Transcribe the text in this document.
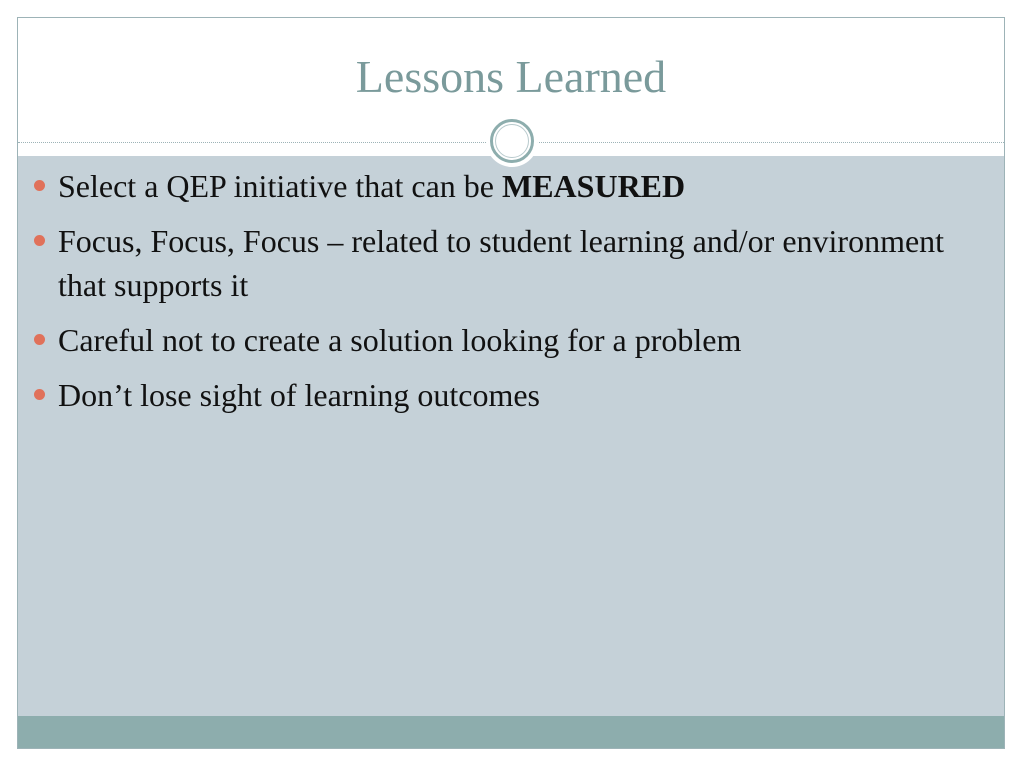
Lessons Learned
Select a QEP initiative that can be MEASURED
Focus, Focus, Focus – related to student learning and/or environment that supports it
Careful not to create a solution looking for a problem
Don’t lose sight of learning outcomes
